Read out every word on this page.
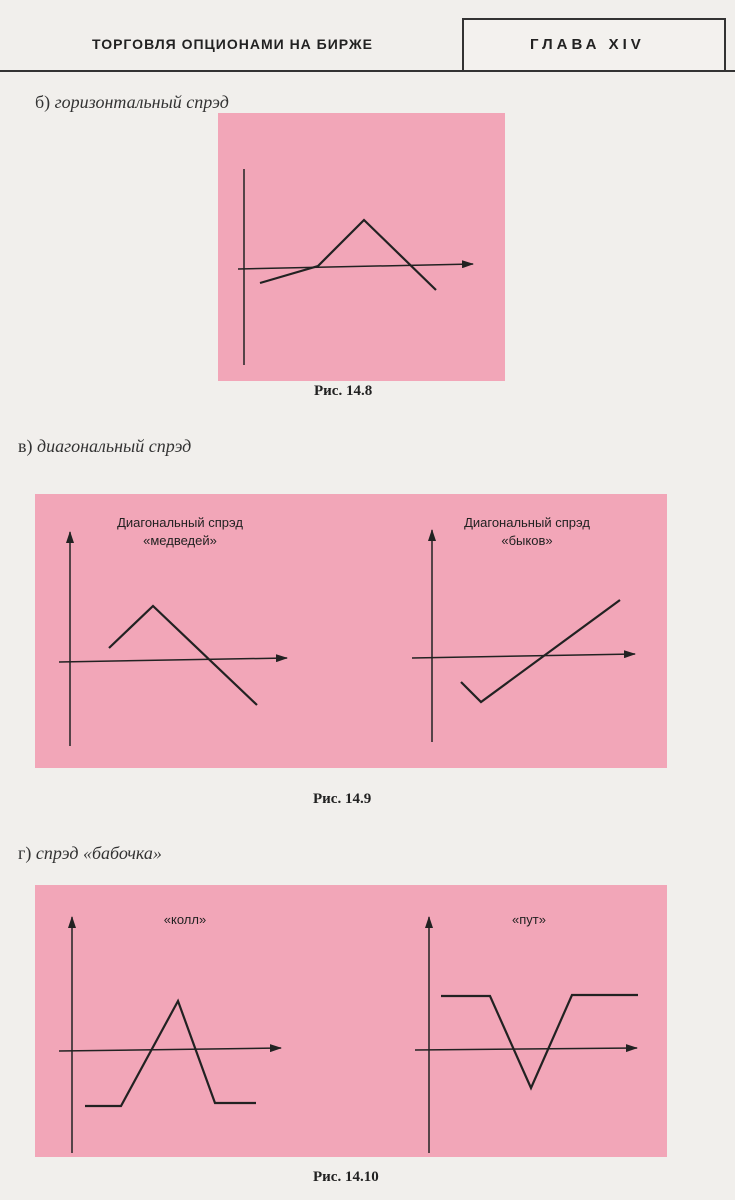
ТОРГОВЛЯ ОПЦИОНАМИ НА БИРЖЕ	ГЛАВА XIV
б) горизонтальный спрэд
Рис. 14.8
в) диагональный спрэд
Диагональный спрэд
«медведей»
Диагональный спрэд
«быков»
Рис. 14.9
г) спрэд «бабочка»
«колл»	«пут»
Рис. 14.10
